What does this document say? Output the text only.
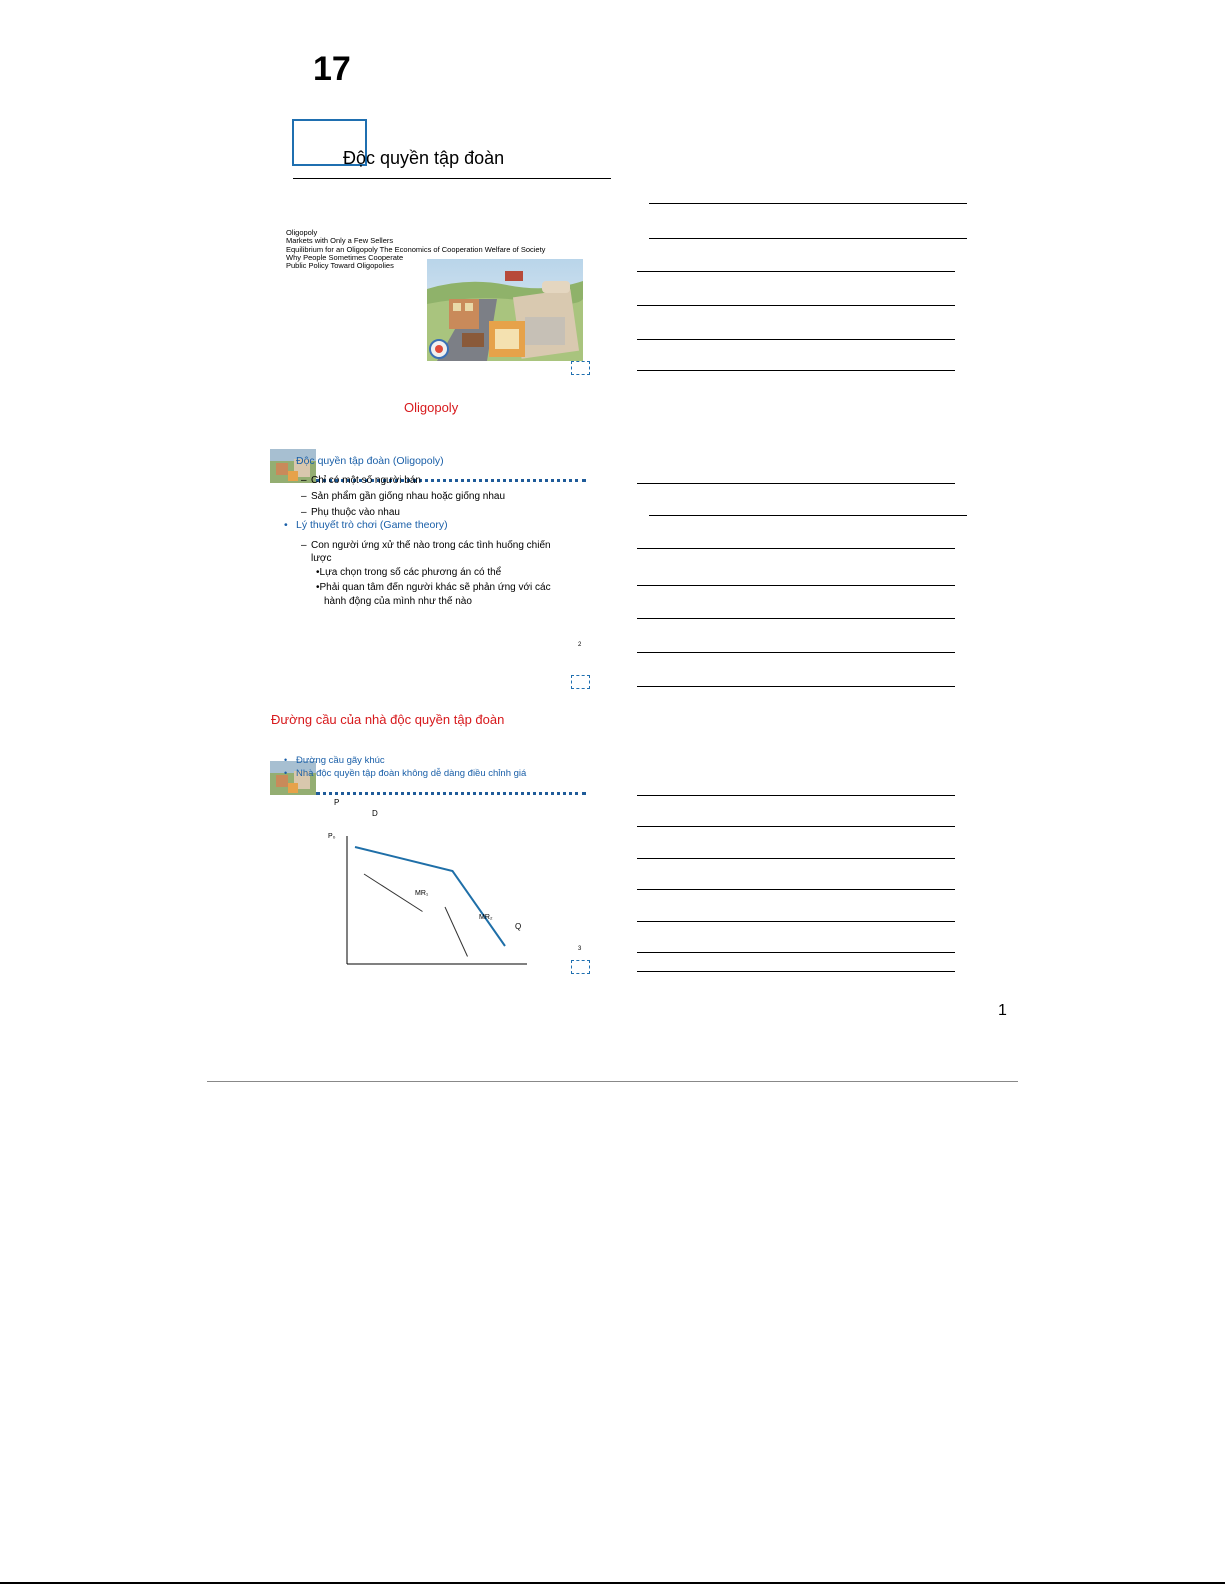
17
Độc quyền tập đoàn
Oligopoly
Markets with Only a Few Sellers
Equilibrium for an Oligopoly The Economics of Cooperation Welfare of Society
Why People Sometimes Cooperate
Public Policy Toward Oligopolies
Oligopoly
Độc quyền tập đoàn (Oligopoly)
– Chỉ có một số người bán
– Sản phẩm gần giống nhau hoặc giống nhau
– Phụ thuộc vào nhau
• Lý thuyết trò chơi (Game theory)
– Con người ứng xử thế nào trong các tình huống chiến
lược
•Lựa chọn trong số các phương án có thể
•Phải quan tâm đến người khác sẽ phản ứng với các
hành động của mình như thế nào
2
Đường cầu của nhà độc quyền tập đoàn
• Đường cầu gãy khúc
• Nhà độc quyền tập đoàn không dễ dàng điều chỉnh giá
P
P₀
Q
D
MR₁
MR₂
3
1
